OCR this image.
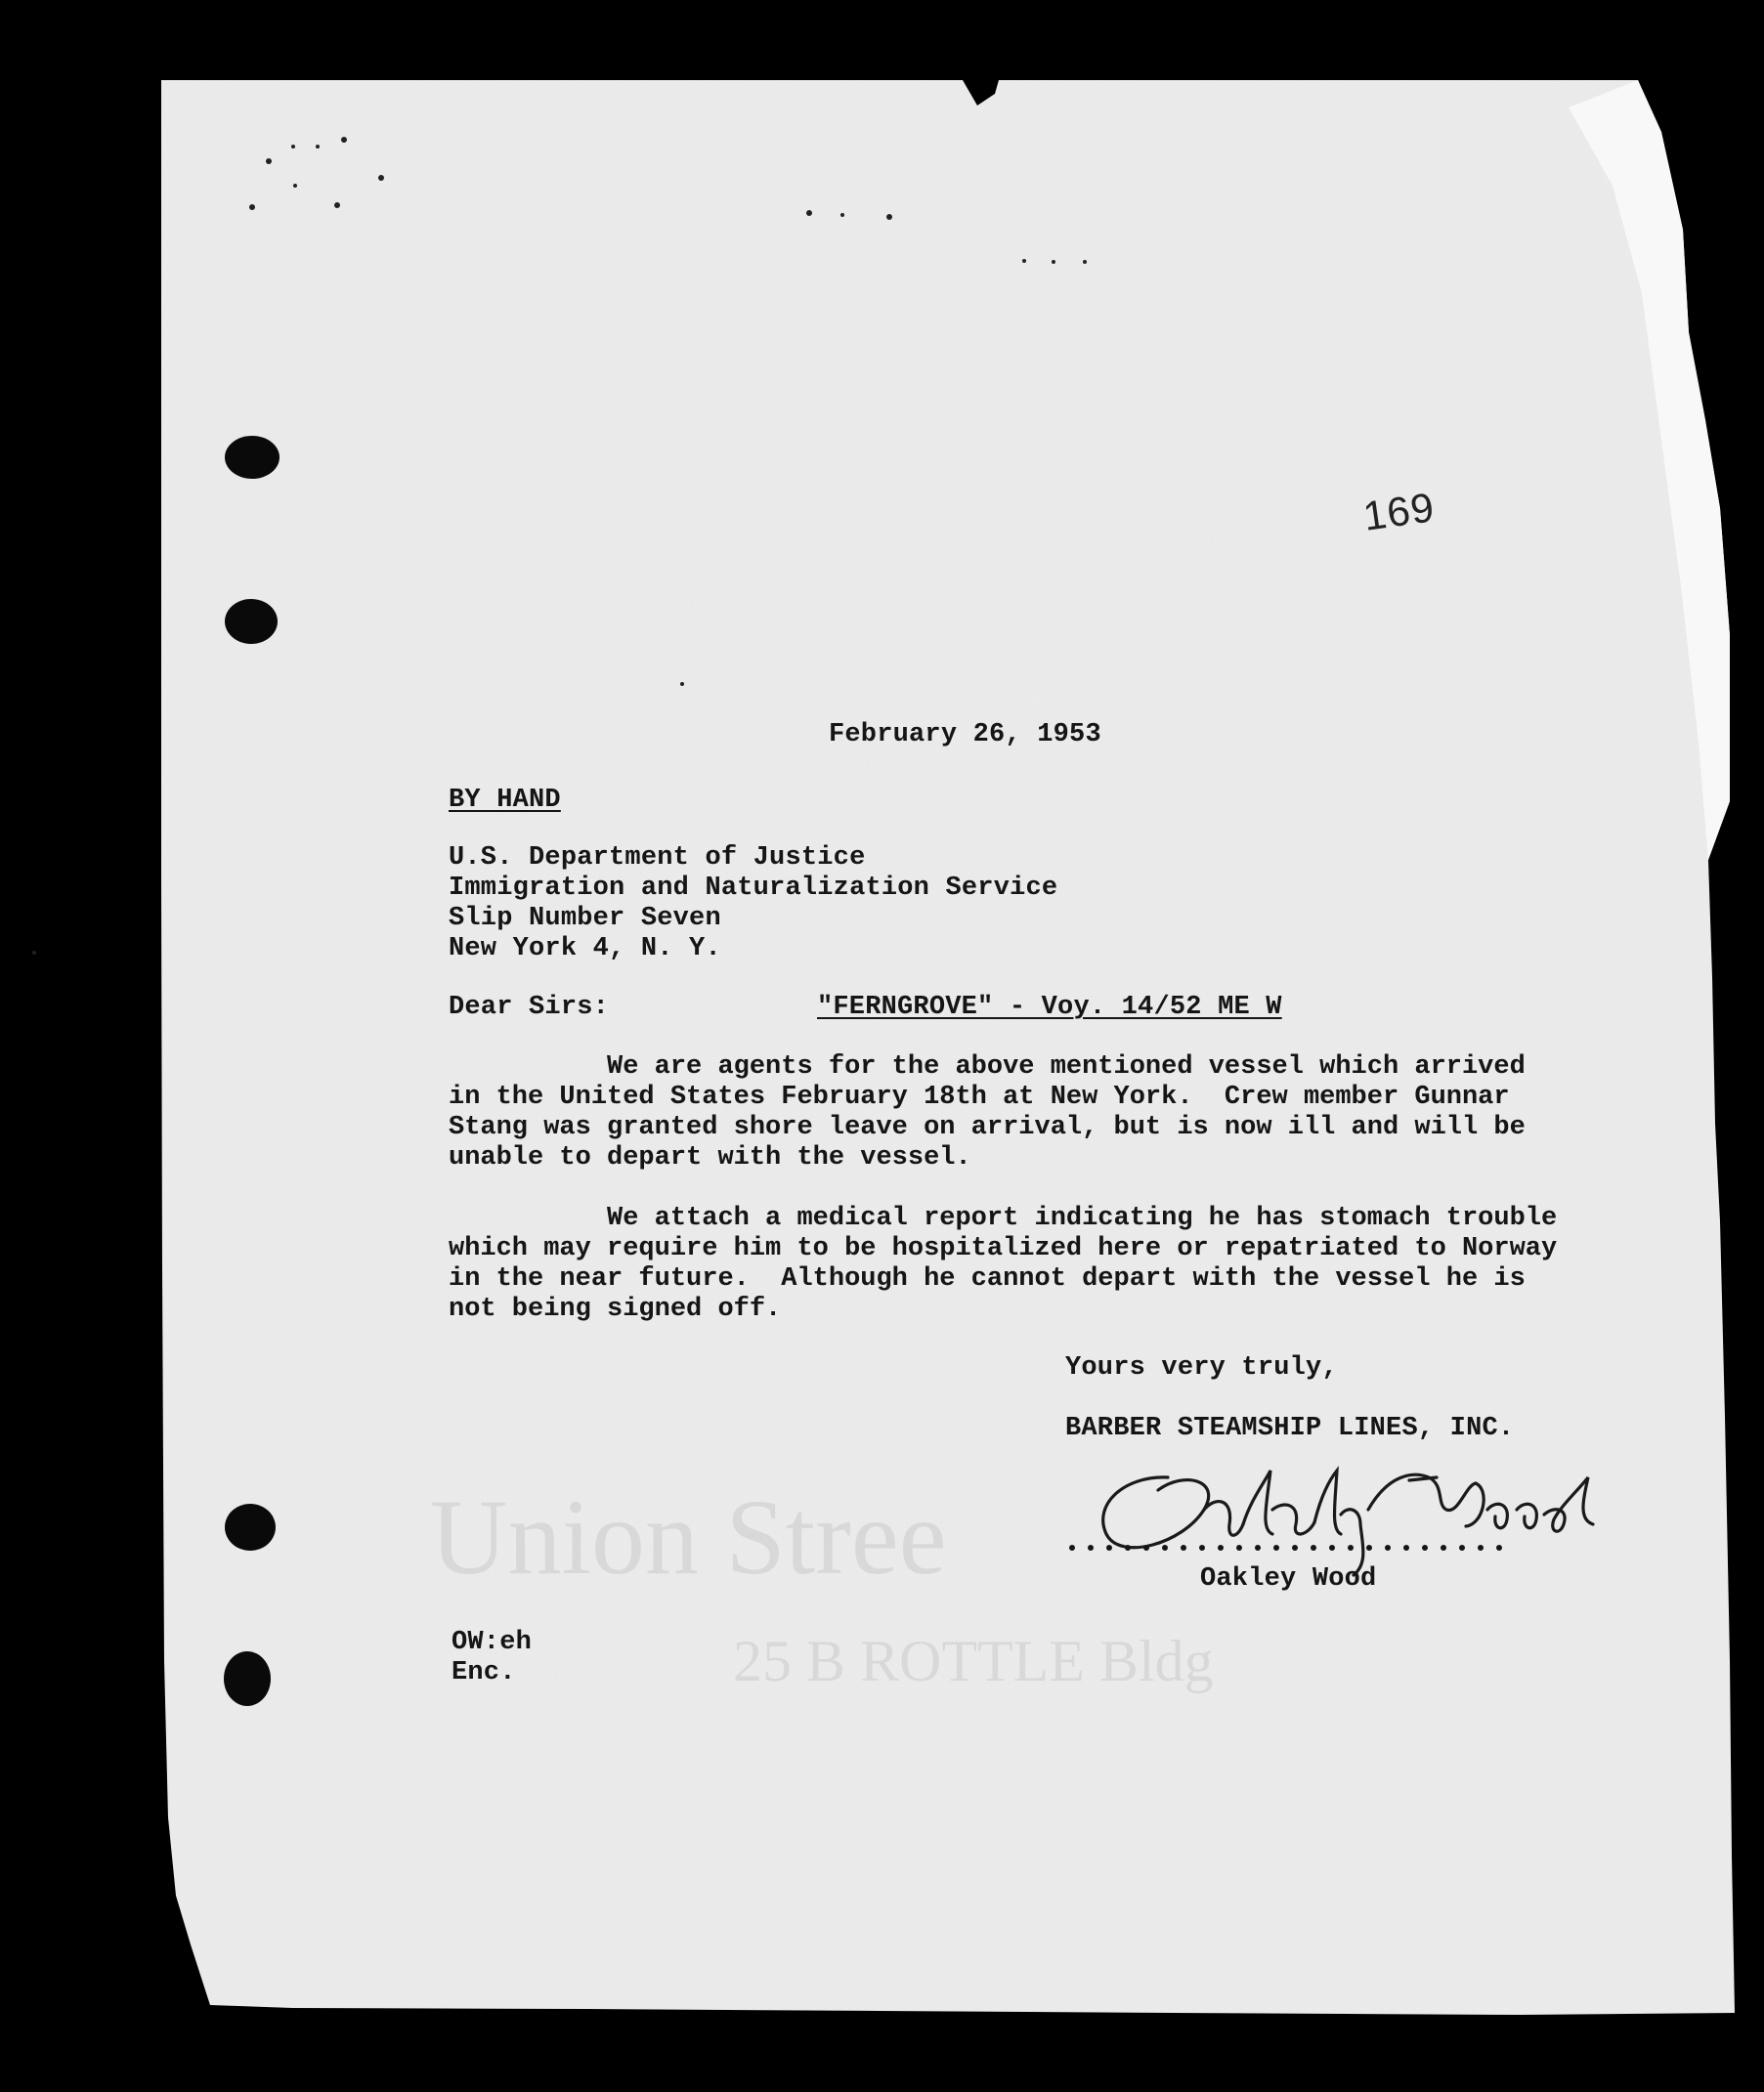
Union Stree
25 B ROTTLE Bldg
169
February 26, 1953
BY HAND
U.S. Department of Justice
Immigration and Naturalization Service
Slip Number Seven
New York 4, N. Y.
Dear Sirs:	"FERNGROVE" - Voy. 14/52 ME W
We are agents for the above mentioned vessel which arrived
in the United States February 18th at New York.  Crew member Gunnar
Stang was granted shore leave on arrival, but is now ill and will be
unable to depart with the vessel.
We attach a medical report indicating he has stomach trouble
which may require him to be hospitalized here or repatriated to Norway
in the near future.  Although he cannot depart with the vessel he is
not being signed off.
Yours very truly,
BARBER STEAMSHIP LINES, INC.
Oakley Wood
OW:eh
Enc.
